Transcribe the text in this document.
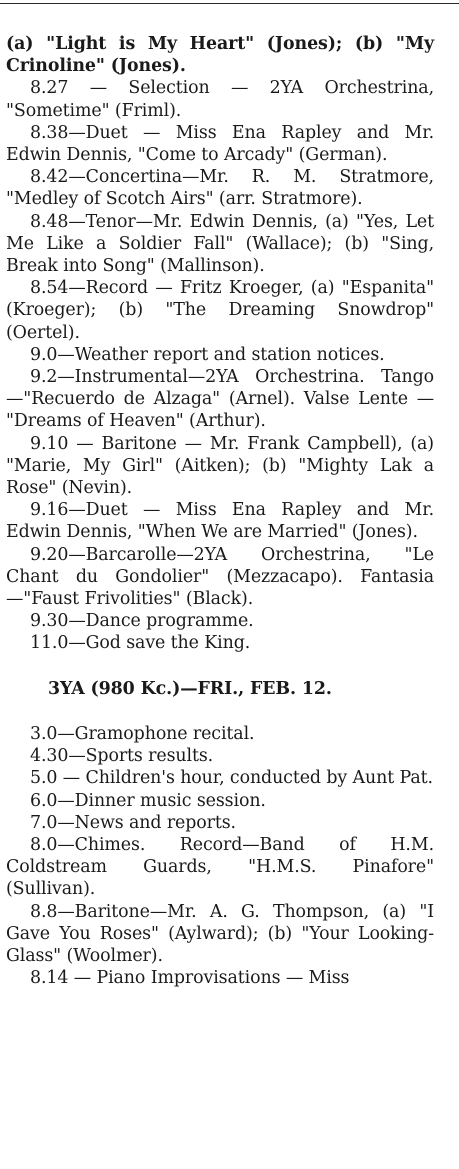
(a) "Light is My Heart" (Jones); (b) "My Crinoline" (Jones).

8.27 — Selection — 2YA Orchestrina, "Sometime" (Friml).

8.38—Duet — Miss Ena Rapley and Mr. Edwin Dennis, "Come to Arcady" (German).

8.42—Concertina—Mr. R. M. Stratmore, "Medley of Scotch Airs" (arr. Stratmore).

8.48—Tenor—Mr. Edwin Dennis, (a) "Yes, Let Me Like a Soldier Fall" (Wallace); (b) "Sing, Break into Song" (Mallinson).

8.54—Record — Fritz Kroeger, (a) "Espanita" (Kroeger); (b) "The Dreaming Snowdrop" (Oertel).

9.0—Weather report and station notices.

9.2—Instrumental—2YA Orchestrina. Tango—"Recuerdo de Alzaga" (Arnel). Valse Lente — "Dreams of Heaven" (Arthur).

9.10 — Baritone — Mr. Frank Campbell), (a) "Marie, My Girl" (Aitken); (b) "Mighty Lak a Rose" (Nevin).

9.16—Duet — Miss Ena Rapley and Mr. Edwin Dennis, "When We are Married" (Jones).

9.20—Barcarolle—2YA Orchestrina, "Le Chant du Gondolier" (Mezzacapo). Fantasia—"Faust Frivolities" (Black).

9.30—Dance programme.

11.0—God save the King.

3YA (980 Kc.)—FRI., FEB. 12.

3.0—Gramophone recital.

4.30—Sports results.

5.0 — Children's hour, conducted by Aunt Pat.

6.0—Dinner music session.

7.0—News and reports.

8.0—Chimes. Record—Band of H.M. Coldstream Guards, "H.M.S. Pinafore" (Sullivan).

8.8—Baritone—Mr. A. G. Thompson, (a) "I Gave You Roses" (Aylward); (b) "Your Looking-Glass" (Woolmer).

8.14 — Piano Improvisations — Miss
